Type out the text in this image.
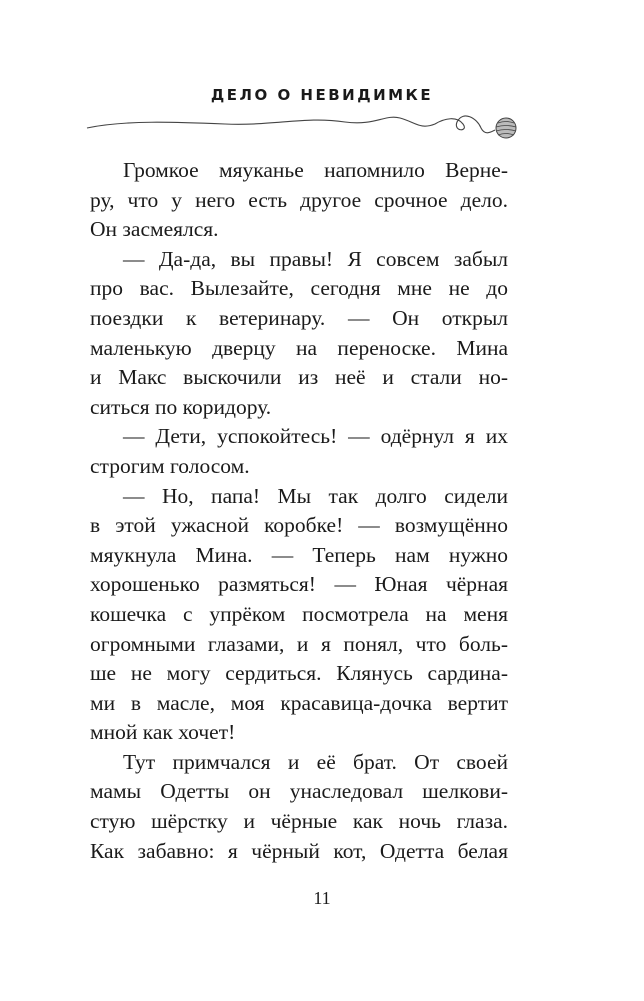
ДЕЛО О НЕВИДИМКЕ
Громкое мяуканье напомнило Верне-
ру, что у него есть другое срочное дело.
Он засмеялся.
— Да-да, вы правы! Я совсем забыл
про вас. Вылезайте, сегодня мне не до
поездки к ветеринару. — Он открыл
маленькую дверцу на переноске. Мина
и Макс выскочили из неё и стали но-
ситься по коридору.
— Дети, успокойтесь! — одёрнул я их
строгим голосом.
— Но, папа! Мы так долго сидели
в этой ужасной коробке! — возмущённо
мяукнула Мина. — Теперь нам нужно
хорошенько размяться! — Юная чёрная
кошечка с упрёком посмотрела на меня
огромными глазами, и я понял, что боль-
ше не могу сердиться. Клянусь сардина-
ми в масле, моя красавица-дочка вертит
мной как хочет!
Тут примчался и её брат. От своей
мамы Одетты он унаследовал шелкови-
стую шёрстку и чёрные как ночь глаза.
Как забавно: я чёрный кот, Одетта белая
11
